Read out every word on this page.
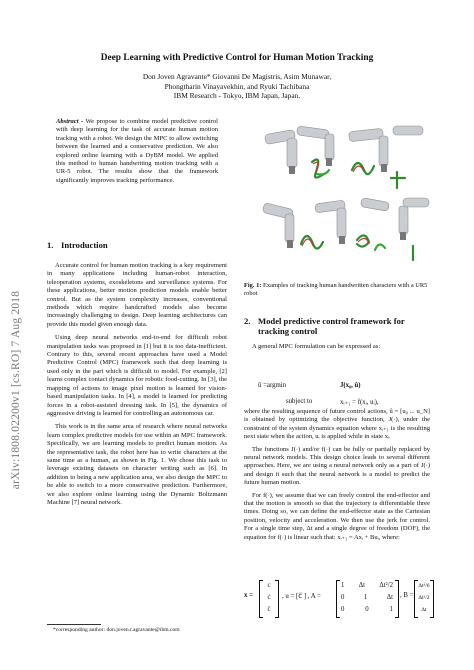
Deep Learning with Predictive Control for Human Motion Tracking
Don Joven Agravante* Giovanni De Magistris, Asim Munawar,
Phongtharin Vinayavekhin, and Ryuki Tachibana
IBM Research - Tokyo, IBM Japan, Japan.
arXiv:1808.02200v1 [cs.RO] 7 Aug 2018
Abstract - We propose to combine model predictive control with deep learning for the task of accurate human motion tracking with a robot. We design the MPC to allow switching between the learned and a conservative prediction. We also explored online learning with a DyBM model. We applied this method to human handwriting motion tracking with a UR-5 robot. The results show that the framework significantly improves tracking performance.
1. Introduction

Accurate control for human motion tracking is a key requirement in many applications including human-robot interaction, teleoperation systems, exoskeletons and surveillance systems. For these applications, better motion prediction models enable better control. But as the system complexity increases, conventional methods which require handcrafted models also become increasingly challenging to design. Deep learning architectures can provide this model given enough data.

Using deep neural networks end-to-end for difficult robot manipulation tasks was proposed in [1] but it is too data-inefficient. Contrary to this, several recent approaches have used a Model Predictive Control (MPC) framework such that deep learning is used only in the part which is difficult to model. For example, [2] learns complex contact dynamics for robotic food-cutting. In [3], the mapping of actions to image pixel motion is learned for vision-based manipulation tasks. In [4], a model is learned for predicting forces in a robot-assisted dressing task. In [5], the dynamics of aggressive driving is learned for controlling an autonomous car.

This work is in the same area of research where neural networks learn complex predictive models for use within an MPC framework. Specifically, we are learning models to predict human motion. As the representative task, the robot here has to write characters at the same time as a human, as shown in Fig. 1. We chose this task to leverage existing datasets on character writing such as [6]. In addition to being a new application area, we also design the MPC to be able to switch to a more conservative prediction. Furthermore, we also explore online learning using the Dynamic Boltzmann Machine [7] neural network.

*corresponding author: don.joven.r.agravante@ibm.com
Fig. 1: Examples of tracking human handwritten characters with a UR5 robot
2. Model predictive control framework for tracking control

A general MPC formulation can be expressed as:

û =argmin	J(x₀, û)
subject to	xᵢ₊₁ = f(xᵢ, uᵢ),

where the resulting sequence of future control actions, û = [u₀ ... u_N] is obtained by optimizing the objective function, J(·), under the constraint of the system dynamics equation where xᵢ₊₁ is the resulting next state when the action, uᵢ is applied while in state xᵢ.

The functions J(·) and/or f(·) can be fully or partially replaced by neural network models. This design choice leads to several different approaches. Here, we are using a neural network only as a part of J(·) and design it such that the neural network is a model to predict the future human motion.

For f(·), we assume that we can freely control the end-effector and that the motion is smooth so that the trajectory is differentiable three times. Doing so, we can define the end-effector state as the Cartesian position, velocity and acceleration. We then use the jerk for control. For a single time step, Δt and a single degree of freedom (DOF), the equation for f(·) is linear such that: xᵢ₊₁ = Axᵢ + Buᵢ, where:

x =
c
ċ
c̈
, u = [c⃛ ] , A =
1 Δt Δt²/2
0	1	Δt
0	0	1
, B =
Δt³/6
Δt²/2
Δt
